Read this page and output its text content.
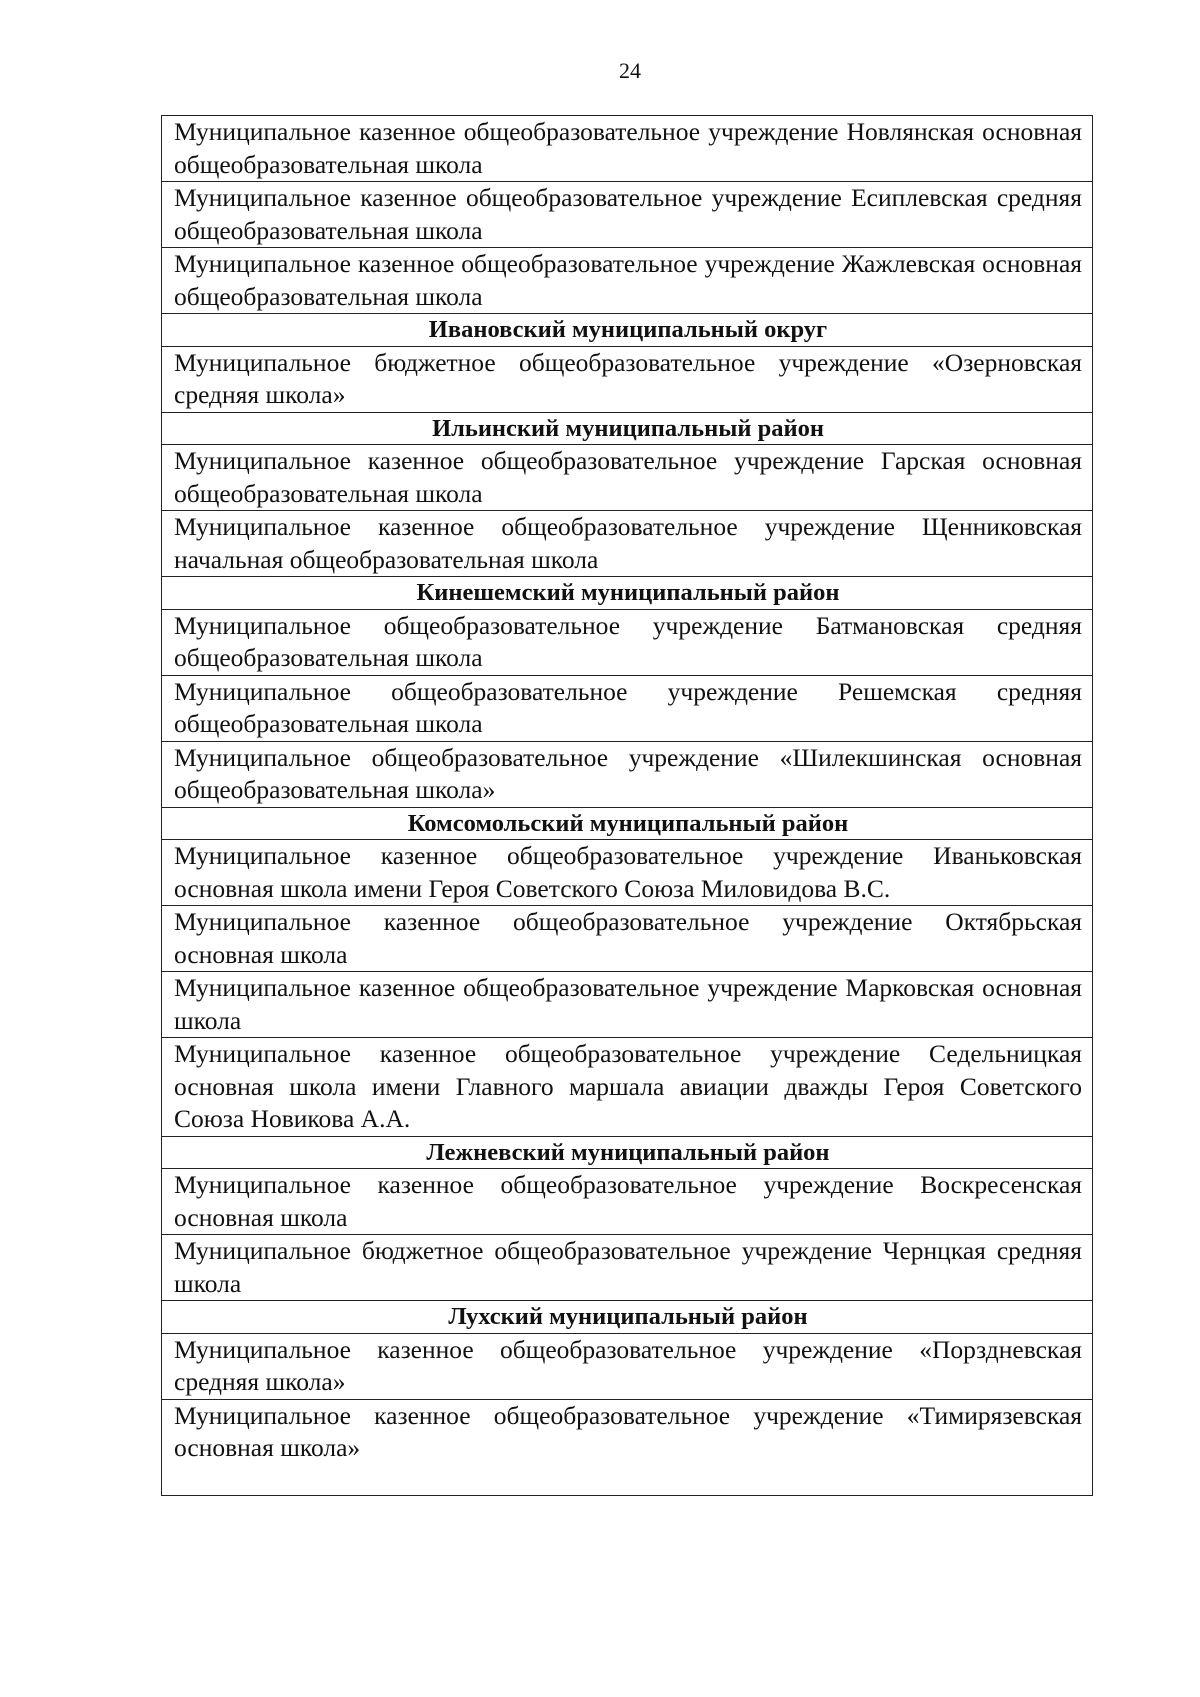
24
Муниципальное казенное общеобразовательное учреждение Новлянская основная общеобразовательная школа
Муниципальное казенное общеобразовательное учреждение Есиплевская средняя общеобразовательная школа
Муниципальное казенное общеобразовательное учреждение Жажлевская основная общеобразовательная школа
Ивановский муниципальный округ
Муниципальное бюджетное общеобразовательное учреждение «Озерновская средняя школа»
Ильинский муниципальный район
Муниципальное казенное общеобразовательное учреждение Гарская основная общеобразовательная школа
Муниципальное казенное общеобразовательное учреждение Щенниковская начальная общеобразовательная школа
Кинешемский муниципальный район
Муниципальное общеобразовательное учреждение Батмановская средняя общеобразовательная школа
Муниципальное общеобразовательное учреждение Решемская средняя общеобразовательная школа
Муниципальное общеобразовательное учреждение «Шилекшинская основная общеобразовательная школа»
Комсомольский муниципальный район
Муниципальное казенное общеобразовательное учреждение Иваньковская основная школа имени Героя Советского Союза Миловидова В.С.
Муниципальное казенное общеобразовательное учреждение Октябрьская основная школа
Муниципальное казенное общеобразовательное учреждение Марковская основная школа
Муниципальное казенное общеобразовательное учреждение Седельницкая основная школа имени Главного маршала авиации дважды Героя Советского Союза Новикова А.А.
Лежневский муниципальный район
Муниципальное казенное общеобразовательное учреждение Воскресенская основная школа
Муниципальное бюджетное общеобразовательное учреждение Чернцкая средняя школа
Лухский муниципальный район
Муниципальное казенное общеобразовательное учреждение «Порздневская средняя школа»
Муниципальное казенное общеобразовательное учреждение «Тимирязевская основная школа»
